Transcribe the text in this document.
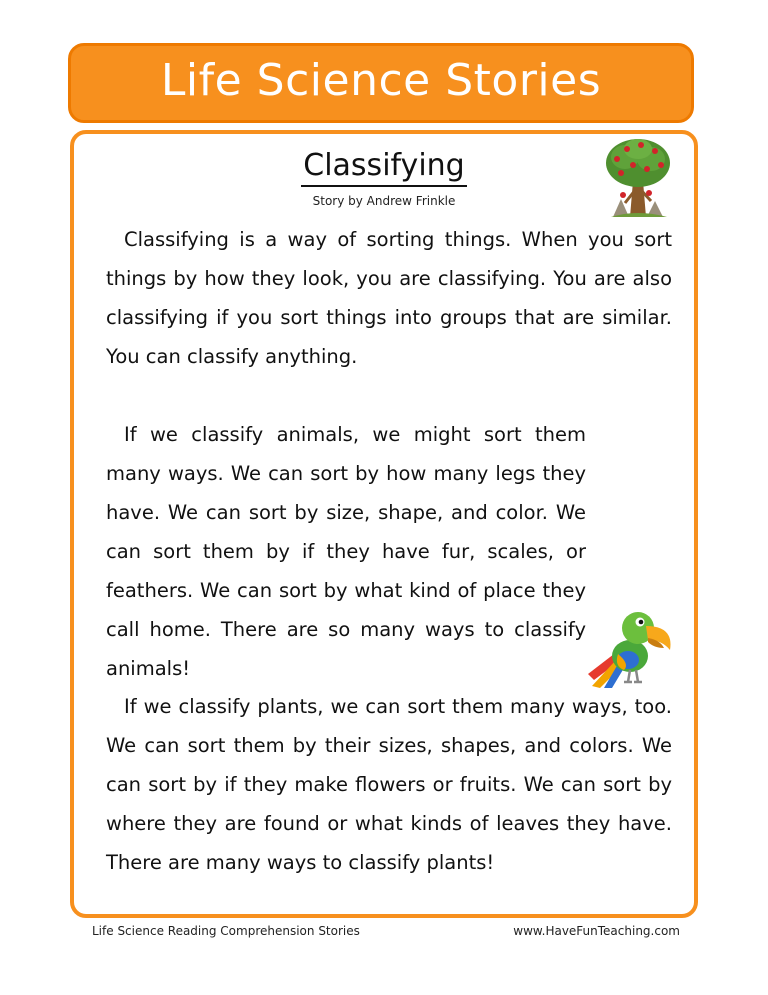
Life Science Stories
Classifying
Story by Andrew Frinkle

Classifying is a way of sorting things. When you sort things by how they look, you are classifying. You are also classifying if you sort things into groups that are similar. You can classify anything.

If we classify animals, we might sort them many ways. We can sort by how many legs they have. We can sort by size, shape, and color. We can sort them by if they have fur, scales, or feathers. We can sort by what kind of place they call home. There are so many ways to classify animals!

If we classify plants, we can sort them many ways, too. We can sort them by their sizes, shapes, and colors. We can sort by if they make flowers or fruits. We can sort by where they are found or what kinds of leaves they have. There are many ways to classify plants!

Life Science Reading Comprehension Stories	www.HaveFunTeaching.com
